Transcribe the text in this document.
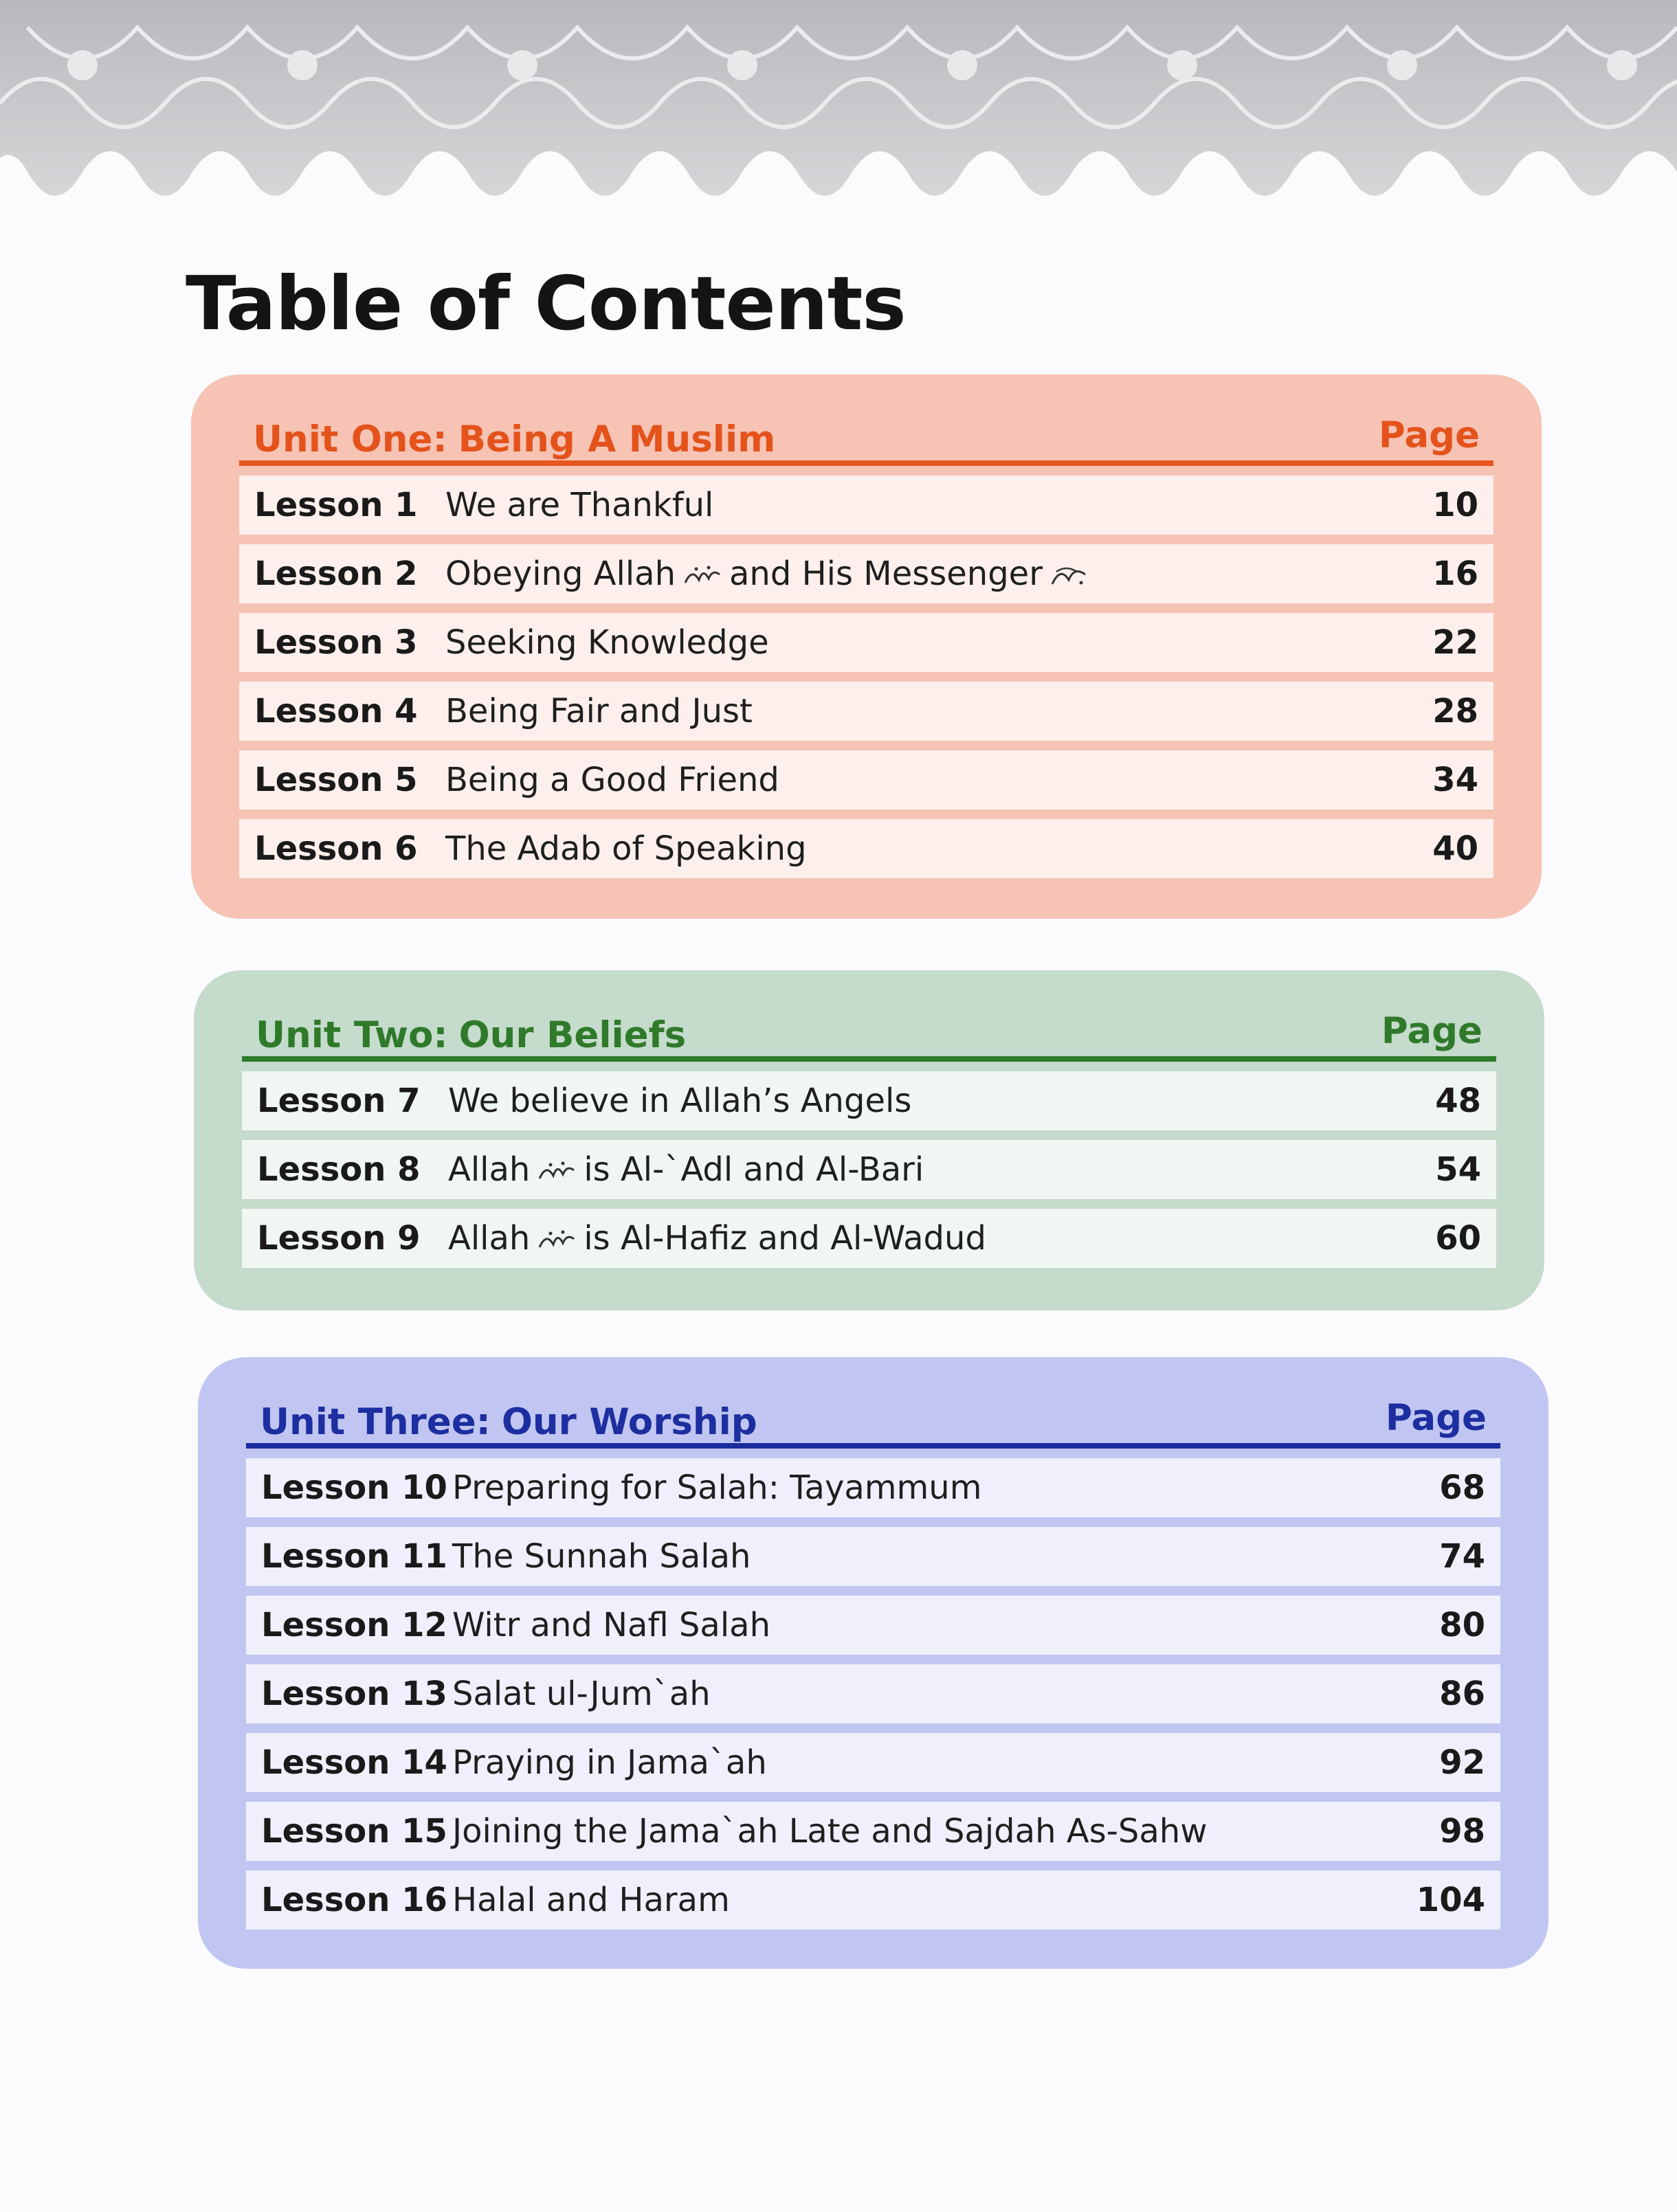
Table of Contents
Unit One: Being A Muslim	Page
Lesson 1 We are Thankful	10
Lesson 2 Obeying Allah and His Messenger	16
Lesson 3 Seeking Knowledge	22
Lesson 4 Being Fair and Just	28
Lesson 5 Being a Good Friend	34
Lesson 6 The Adab of Speaking	40
Unit Two: Our Beliefs	Page
Lesson 7 We believe in Allah’s Angels	48
Lesson 8 Allah is Al-`Adl and Al-Bari	54
Lesson 9 Allah is Al-Hafiz and Al-Wadud	60
Unit Three: Our Worship	Page
Lesson 10 Preparing for Salah: Tayammum	68
Lesson 11 The Sunnah Salah	74
Lesson 12 Witr and Nafl Salah	80
Lesson 13 Salat ul-Jum`ah	86
Lesson 14 Praying in Jama`ah	92
Lesson 15 Joining the Jama`ah Late and Sajdah As-Sahw	98
Lesson 16 Halal and Haram	104
